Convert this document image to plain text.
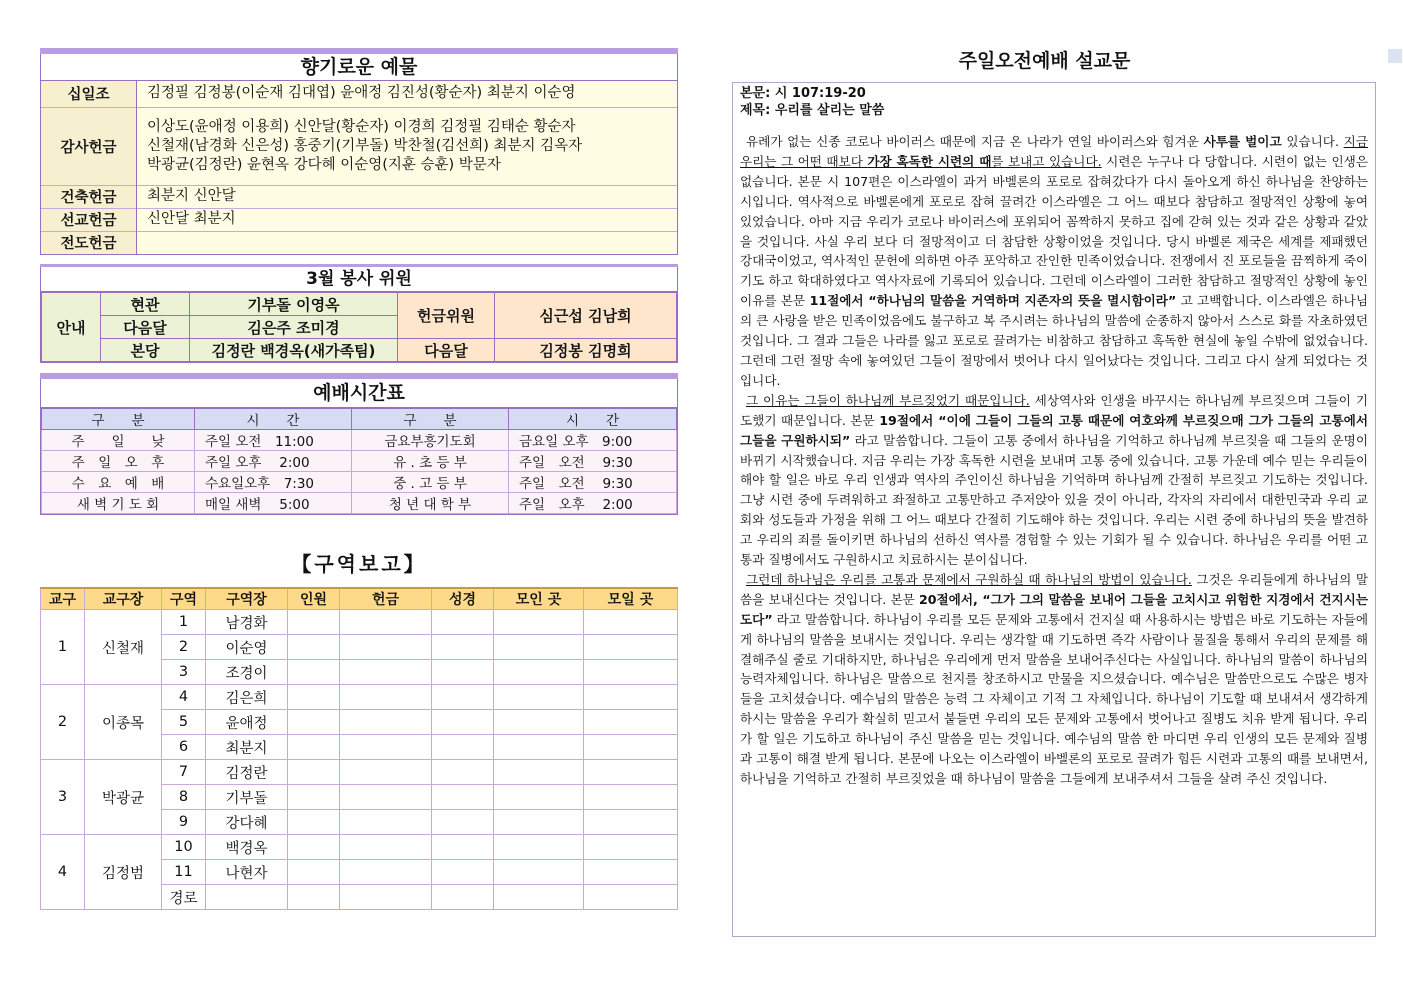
향기로운 예물
십일조	김정필 김정봉(이순재 김대엽) 윤애정 김진성(황순자) 최분지 이순영
감사헌금	이상도(윤애정 이용희) 신안달(황순자) 이경희 김정필 김태순 황순자
신철재(남경화 신은성) 홍중기(기부돌) 박찬철(김선희) 최분지 김옥자
박광균(김정란) 윤현옥 강다혜 이순영(지훈 승훈) 박문자

건축헌금	최분지 신안달
선교헌금	신안달 최분지
전도헌금	
3월 봉사 위원
안내	현관	기부돌 이영옥	헌금위원	심근섭 김남희
	다음달	김은주 조미경		
	본당	김정란 백경옥(새가족팀)	다음달	김정봉 김명희
예배시간표
구　　분	시　　간	구　　분	시　　간
주　　일　　낮	주일 오전　11:00	금요부흥기도회	금요일 오후　9:00
주　일　오　후	주일 오후　 2:00	유 . 초 등 부	주일　오전　 9:30
수　요　예　배	수요일오후　7:30	중 . 고 등 부	주일　오전　 9:30
새 벽 기 도 회	매일 새벽　 5:00	청 년 대 학 부	주일　오후　 2:00
【구역보고】
교구	교구장	구역	구역장	인원	헌금	성경	모인 곳	모일 곳
1	신철재	1	남경화					
		2	이순영					
		3	조경이					
2	이종목	4	김은희					
		5	윤애정					
		6	최분지					
3	박광균	7	김정란					
		8	기부돌					
		9	강다혜					
4	김정범	10	백경옥					
		11	나현자					
		경로						
주일오전예배 설교문
본문: 시 107:19-20
제목: 우리를 살리는 말씀

유례가 없는 신종 코로나 바이러스 때문에 지금 온 나라가 연일 바이러스와 힘겨운 사투를 벌이고 있습니다. 지금 우리는 그 어떤 때보다 가장 혹독한 시련의 때를 보내고 있습니다. 시련은 누구나 다 당합니다. 시련이 없는 인생은 없습니다. 본문 시 107편은 이스라엘이 과거 바벨론의 포로로 잡혀갔다가 다시 돌아오게 하신 하나님을 찬양하는 시입니다. 역사적으로 바벨론에게 포로로 잡혀 끌려간 이스라엘은 그 어느 때보다 참담하고 절망적인 상황에 놓여 있었습니다. 아마 지금 우리가 코로나 바이러스에 포위되어 꼼짝하지 못하고 집에 갇혀 있는 것과 같은 상황과 같았을 것입니다. 사실 우리 보다 더 절망적이고 더 참담한 상황이었을 것입니다. 당시 바벨론 제국은 세계를 제패했던 강대국이었고, 역사적인 문헌에 의하면 아주 포악하고 잔인한 민족이었습니다. 전쟁에서 진 포로들을 끔찍하게 죽이기도 하고 학대하였다고 역사자료에 기록되어 있습니다. 그런데 이스라엘이 그러한 참담하고 절망적인 상황에 놓인 이유를 본문 11절에서 “하나님의 말씀을 거역하며 지존자의 뜻을 멸시함이라” 고 고백합니다. 이스라엘은 하나님의 큰 사랑을 받은 민족이었음에도 불구하고 복 주시려는 하나님의 말씀에 순종하지 않아서 스스로 화를 자초하였던 것입니다. 그 결과 그들은 나라를 잃고 포로로 끌려가는 비참하고 참담하고 혹독한 현실에 놓일 수밖에 없었습니다. 그런데 그런 절망 속에 놓여있던 그들이 절망에서 벗어나 다시 일어났다는 것입니다. 그리고 다시 살게 되었다는 것입니다.

그 이유는 그들이 하나님께 부르짖었기 때문입니다. 세상역사와 인생을 바꾸시는 하나님께 부르짖으며 그들이 기도했기 때문입니다. 본문 19절에서 “이에 그들이 그들의 고통 때문에 여호와께 부르짖으매 그가 그들의 고통에서 그들을 구원하시되” 라고 말씀합니다. 그들이 고통 중에서 하나님을 기억하고 하나님께 부르짖을 때 그들의 운명이 바뀌기 시작했습니다. 지금 우리는 가장 혹독한 시련을 보내며 고통 중에 있습니다. 고통 가운데 예수 믿는 우리들이 해야 할 일은 바로 우리 인생과 역사의 주인이신 하나님을 기억하며 하나님께 간절히 부르짖고 기도하는 것입니다. 그냥 시련 중에 두려워하고 좌절하고 고통만하고 주저앉아 있을 것이 아니라, 각자의 자리에서 대한민국과 우리 교회와 성도들과 가정을 위해 그 어느 때보다 간절히 기도해야 하는 것입니다. 우리는 시련 중에 하나님의 뜻을 발견하고 우리의 죄를 돌이키면 하나님의 선하신 역사를 경험할 수 있는 기회가 될 수 있습니다. 하나님은 우리를 어떤 고통과 질병에서도 구원하시고 치료하시는 분이십니다.

그런데 하나님은 우리를 고통과 문제에서 구원하실 때 하나님의 방법이 있습니다. 그것은 우리들에게 하나님의 말씀을 보내신다는 것입니다. 본문 20절에서, “그가 그의 말씀을 보내어 그들을 고치시고 위험한 지경에서 건지시는도다” 라고 말씀합니다. 하나님이 우리를 모든 문제와 고통에서 건지실 때 사용하시는 방법은 바로 기도하는 자들에게 하나님의 말씀을 보내시는 것입니다. 우리는 생각할 때 기도하면 즉각 사람이나 물질을 통해서 우리의 문제를 해결해주실 줄로 기대하지만, 하나님은 우리에게 먼저 말씀을 보내어주신다는 사실입니다. 하나님의 말씀이 하나님의 능력자체입니다. 하나님은 말씀으로 천지를 창조하시고 만물을 지으셨습니다. 예수님은 말씀만으로도 수많은 병자들을 고치셨습니다. 예수님의 말씀은 능력 그 자체이고 기적 그 자체입니다. 하나님이 기도할 때 보내셔서 생각하게 하시는 말씀을 우리가 확실히 믿고서 붙들면 우리의 모든 문제와 고통에서 벗어나고 질병도 치유 받게 됩니다. 우리가 할 일은 기도하고 하나님이 주신 말씀을 믿는 것입니다. 예수님의 말씀 한 마디면 우리 인생의 모든 문제와 질병과 고통이 해결 받게 됩니다. 본문에 나오는 이스라엘이 바벨론의 포로로 끌려가 힘든 시련과 고통의 때를 보내면서, 하나님을 기억하고 간절히 부르짖었을 때 하나님이 말씀을 그들에게 보내주셔서 그들을 살려 주신 것입니다.
